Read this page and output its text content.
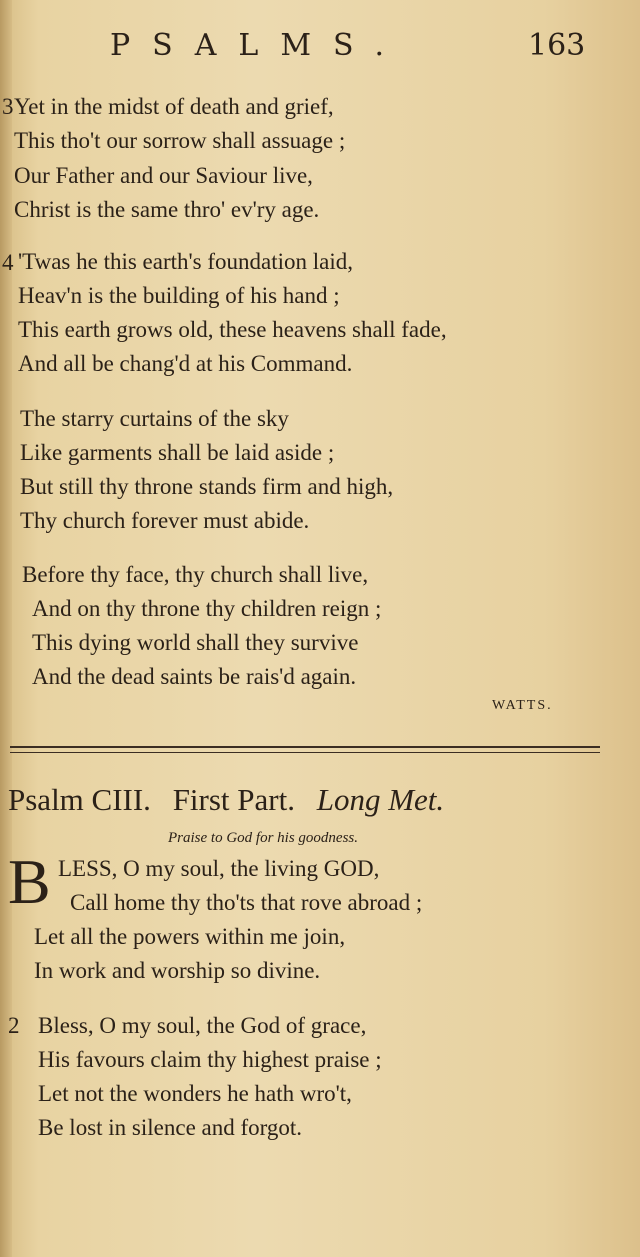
PSALMS.	163
3 Yet in the midst of death and grief,
This tho't our sorrow shall assuage ;
Our Father and our Saviour live,
Christ is the same thro' ev'ry age.
4 'Twas he this earth's foundation laid,
Heav'n is the building of his hand ;
This earth grows old, these heavens shall fade,
And all be chang'd at his Command.
The starry curtains of the sky
Like garments shall be laid aside ;
But still thy throne stands firm and high,
Thy church forever must abide.
Before thy face, thy church shall live,
And on thy throne thy children reign ;
This dying world shall they survive
And the dead saints be rais'd again.
WATTS.
Psalm CIII. First Part. Long Met.
Praise to God for his goodness.
B LESS, O my soul, the living GOD,
Call home thy tho'ts that rove abroad ;
Let all the powers within me join,
In work and worship so divine.
2 Bless, O my soul, the God of grace,
His favours claim thy highest praise ;
Let not the wonders he hath wro't,
Be lost in silence and forgot.
